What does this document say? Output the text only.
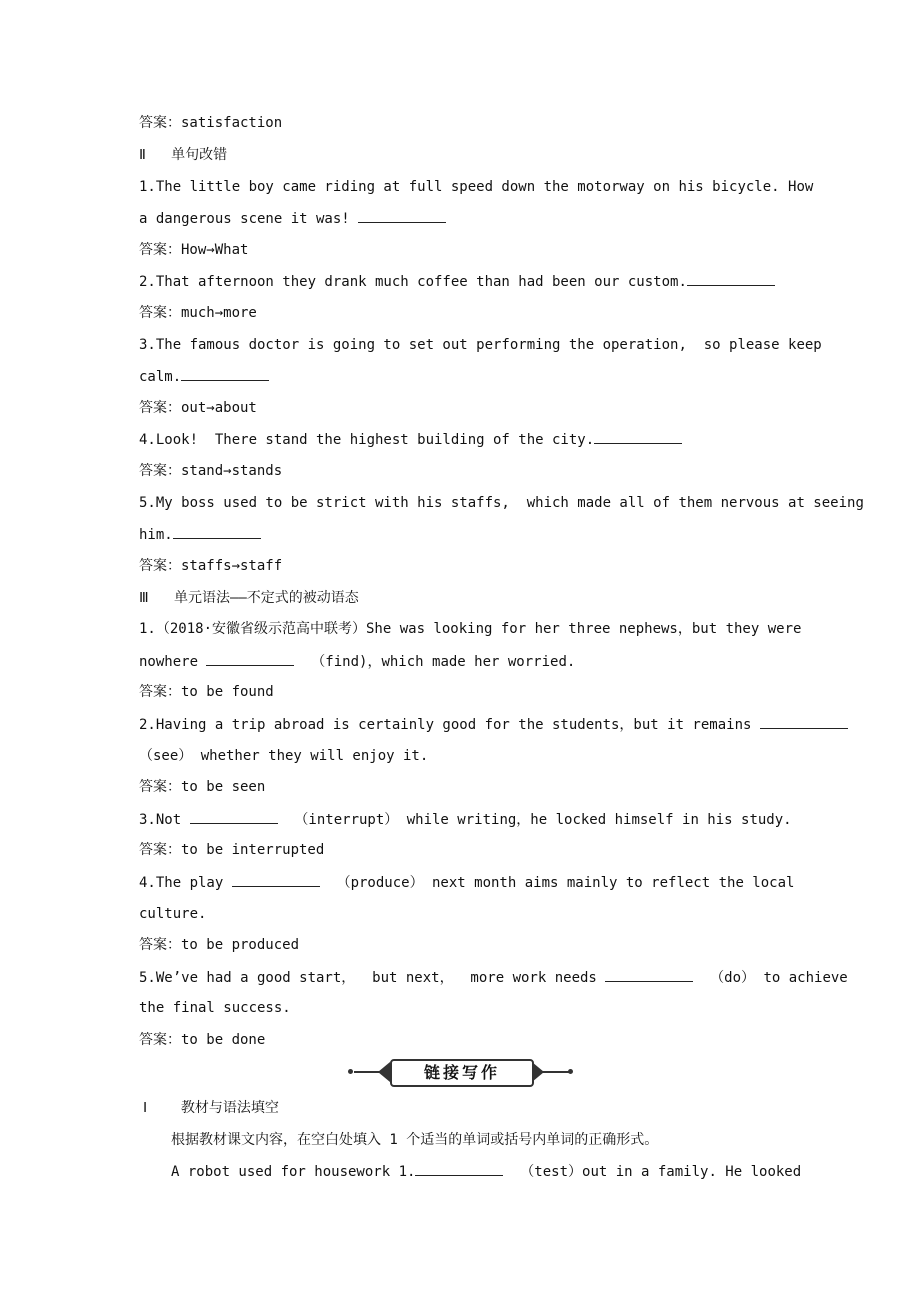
答案：satisfaction
Ⅱ   单句改错
1.The little boy came riding at full speed down the motorway on his bicycle. How
a dangerous scene it was!
答案：How→What
2.That afternoon they drank much coffee than had been our custom.
答案：much→more
3.The famous doctor is going to set out performing the operation,  so please keep
calm.
答案：out→about
4.Look!  There stand the highest building of the city.
答案：stand→stands
5.My boss used to be strict with his staffs,  which made all of them nervous at seeing
him.
答案：staffs→staff
Ⅲ   单元语法——不定式的被动语态
1.（2018·安徽省级示范高中联考）She was looking for her three nephews，but they were
nowhere	（find)，which made her worried.
答案：to be found
2.Having a trip abroad is certainly good for the students，but it remains
（see） whether they will enjoy it.
答案：to be seen
3.Not	（interrupt） while writing，he locked himself in his study.
答案：to be interrupted
4.The play	（produce） next month aims mainly to reflect the local
culture.
答案：to be produced
5.We’ve had a good start，  but next，  more work needs	（do） to achieve
the final success.
答案：to be done
链接写作
Ⅰ    教材与语法填空
根据教材课文内容，在空白处填入 1 个适当的单词或括号内单词的正确形式。
A robot used for housework 1.	（test）out in a family. He looked
